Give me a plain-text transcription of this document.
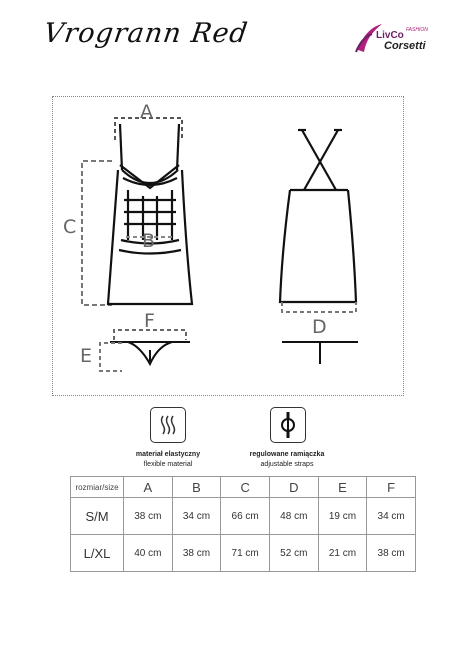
Vrogrann Red	LivCo FASHION
Corsetti
A
C
B
F
E
D
materiał elastyczny
flexible material
regulowane ramiączka
adjustable straps
rozmiar/size	A	B	C	D	E	F
S/M	38 cm	34 cm	66 cm	48 cm	19 cm	34 cm
L/XL	40 cm	38 cm	71 cm	52 cm	21 cm	38 cm
